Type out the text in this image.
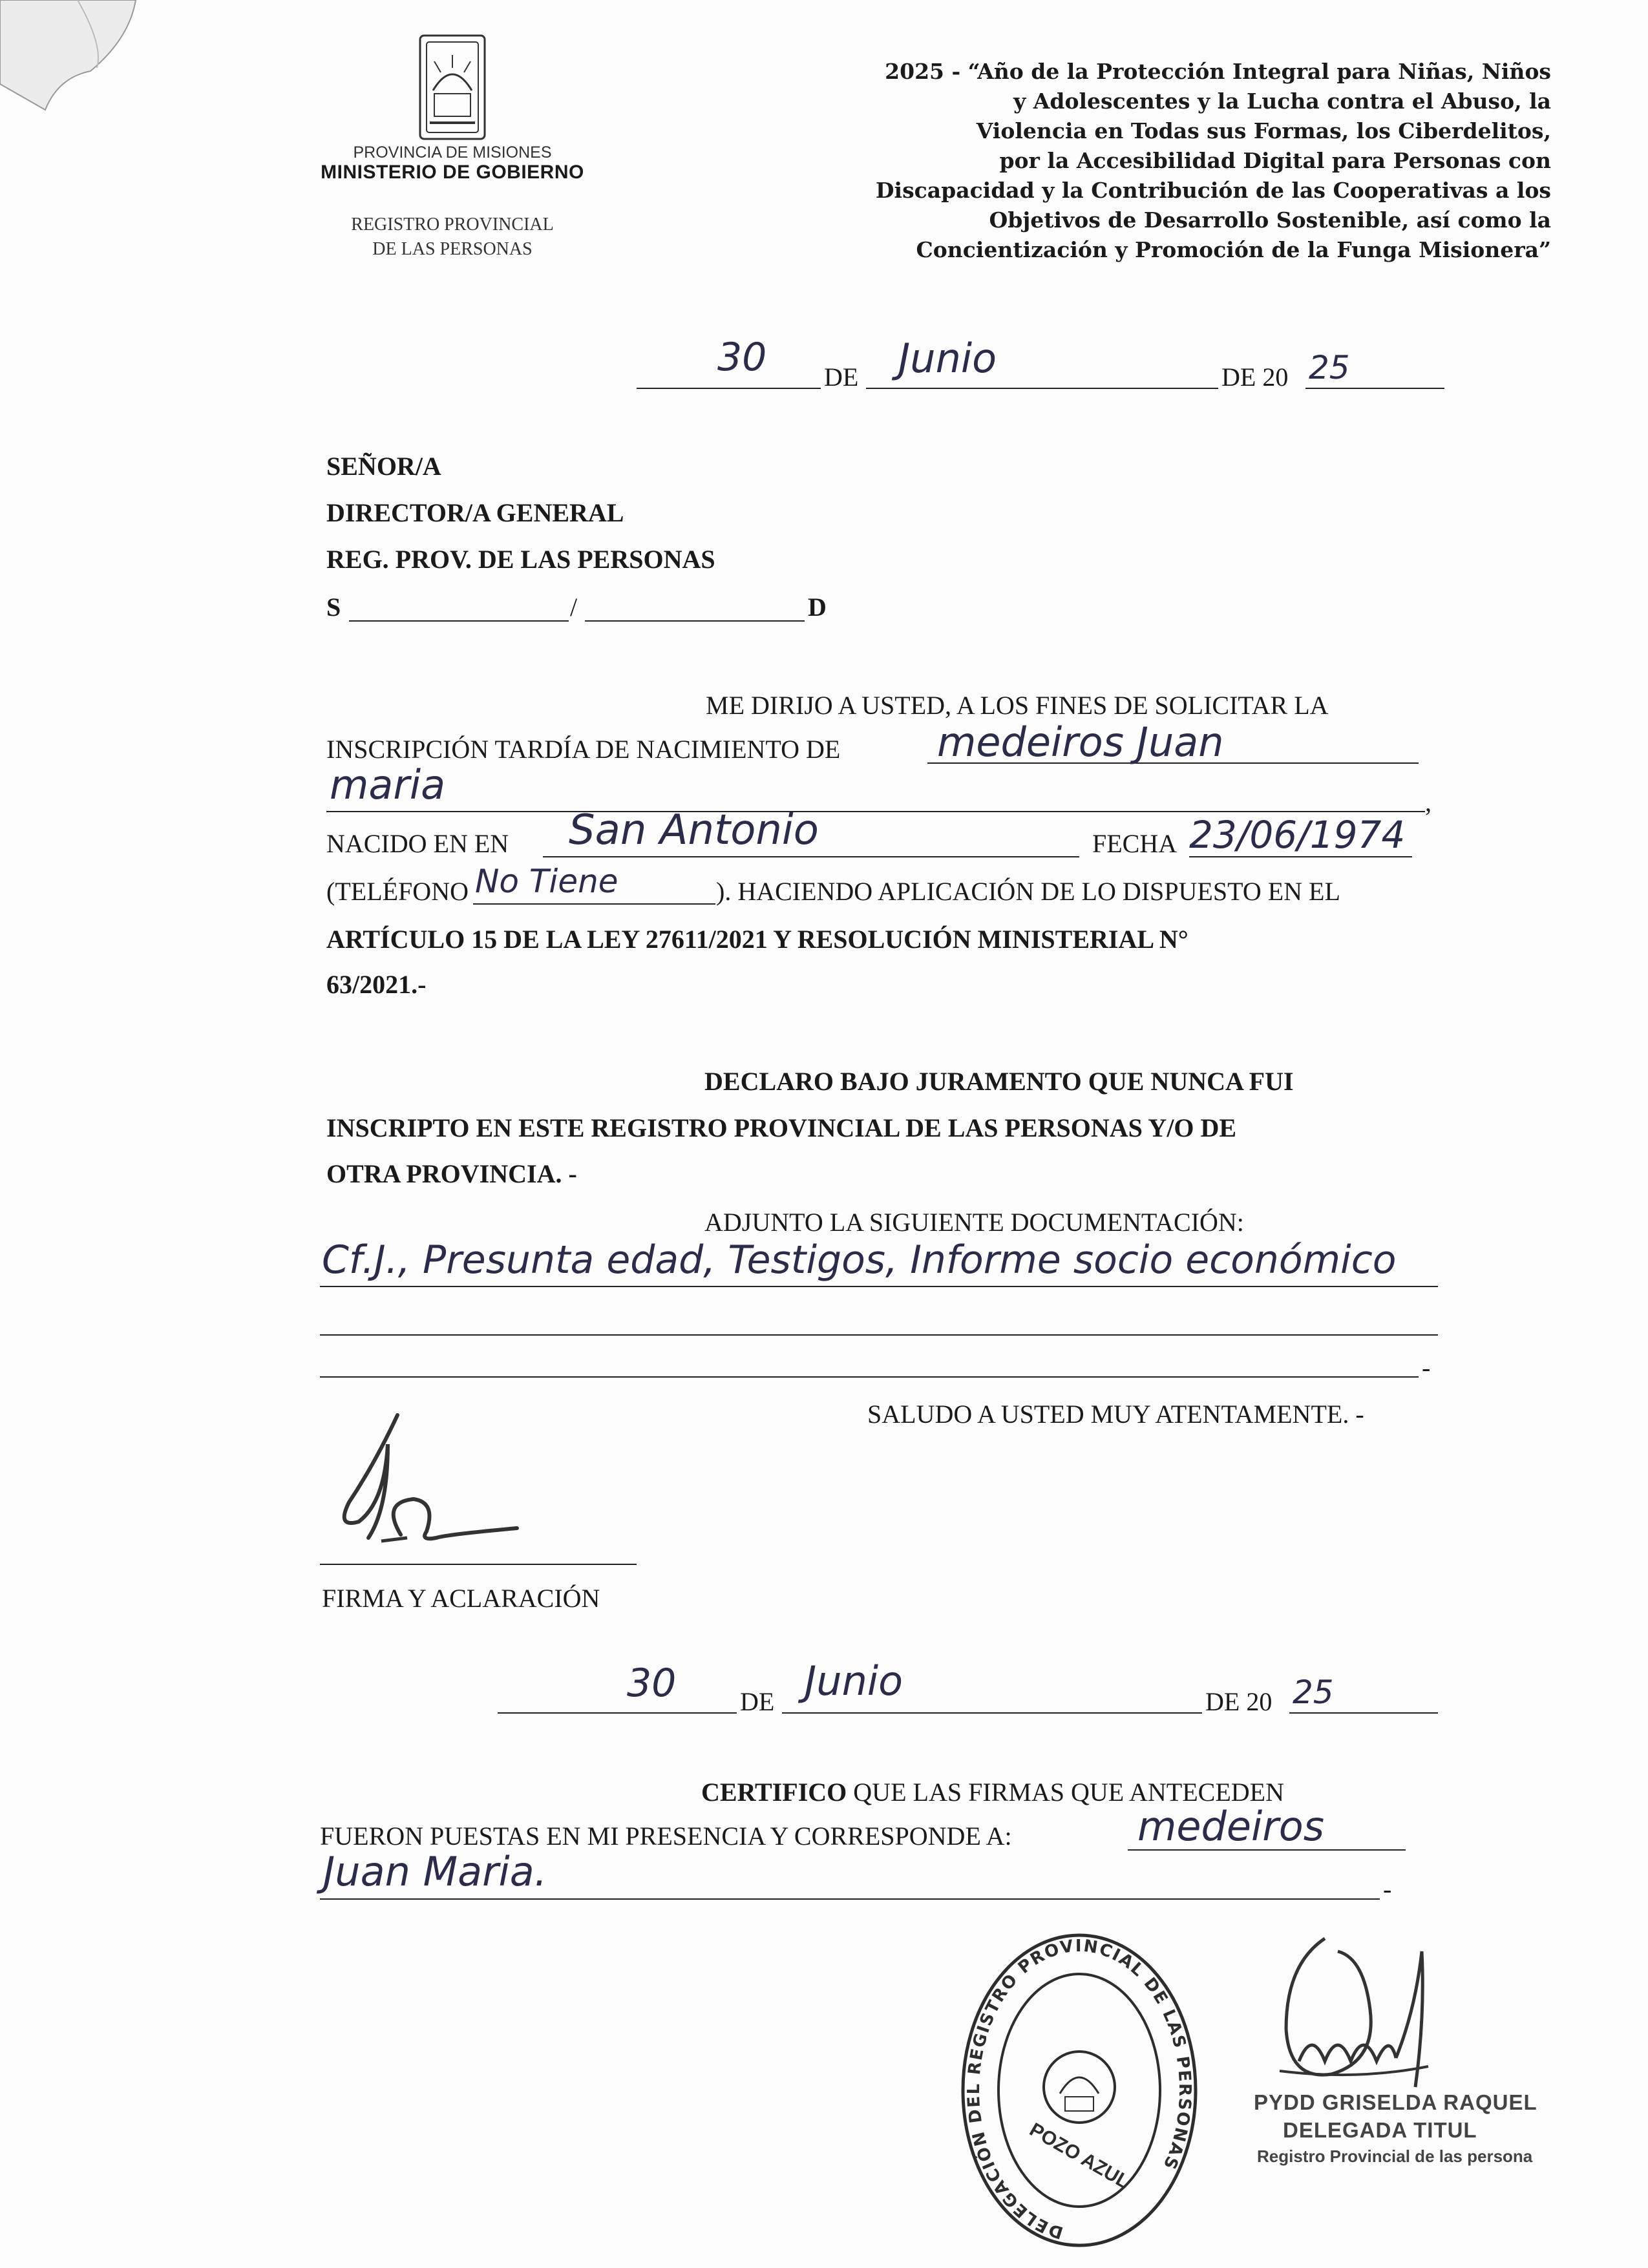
PROVINCIA DE MISIONES
MINISTERIO DE GOBIERNO
REGISTRO PROVINCIAL
DE LAS PERSONAS
2025 - “Año de la Protección Integral para Niñas, Niños
y Adolescentes y la Lucha contra el Abuso, la
Violencia en Todas sus Formas, los Ciberdelitos,
por la Accesibilidad Digital para Personas con
Discapacidad y la Contribución de las Cooperativas a los
Objetivos de Desarrollo Sostenible, así como la
Concientización y Promoción de la Funga Misionera”
30 DE Junio	DE 20 25
SEÑOR/A
DIRECTOR/A GENERAL
REG. PROV. DE LAS PERSONAS
S	/	D
ME DIRIJO A USTED, A LOS FINES DE SOLICITAR LA
INSCRIPCIÓN TARDÍA DE NACIMIENTO DE medeiros Juan
maria	,
NACIDO EN EN San Antonio	FECHA 23/06/1974
(TELÉFONO No Tiene	). HACIENDO APLICACIÓN DE LO DISPUESTO EN EL
ARTÍCULO 15 DE LA LEY 27611/2021 Y RESOLUCIÓN MINISTERIAL N°
63/2021.-
DECLARO BAJO JURAMENTO QUE NUNCA FUI
INSCRIPTO EN ESTE REGISTRO PROVINCIAL DE LAS PERSONAS Y/O DE
OTRA PROVINCIA. -
ADJUNTO LA SIGUIENTE DOCUMENTACIÓN:
Cf.J., Presunta edad, Testigos, Informe socio económico
-
SALUDO A USTED MUY ATENTAMENTE. -
FIRMA Y ACLARACIÓN
30 DE Junio	DE 20 25
CERTIFICO QUE LAS FIRMAS QUE ANTECEDEN
FUERON PUESTAS EN MI PRESENCIA Y CORRESPONDE A:	medeiros
Juan Maria.	-
DELEGACIÓN DEL REGISTRO PROVINCIAL DE LAS PERSONAS
POZO AZUL
PYDD GRISELDA RAQUEL
DELEGADA TITUL
Registro Provincial de las persona
